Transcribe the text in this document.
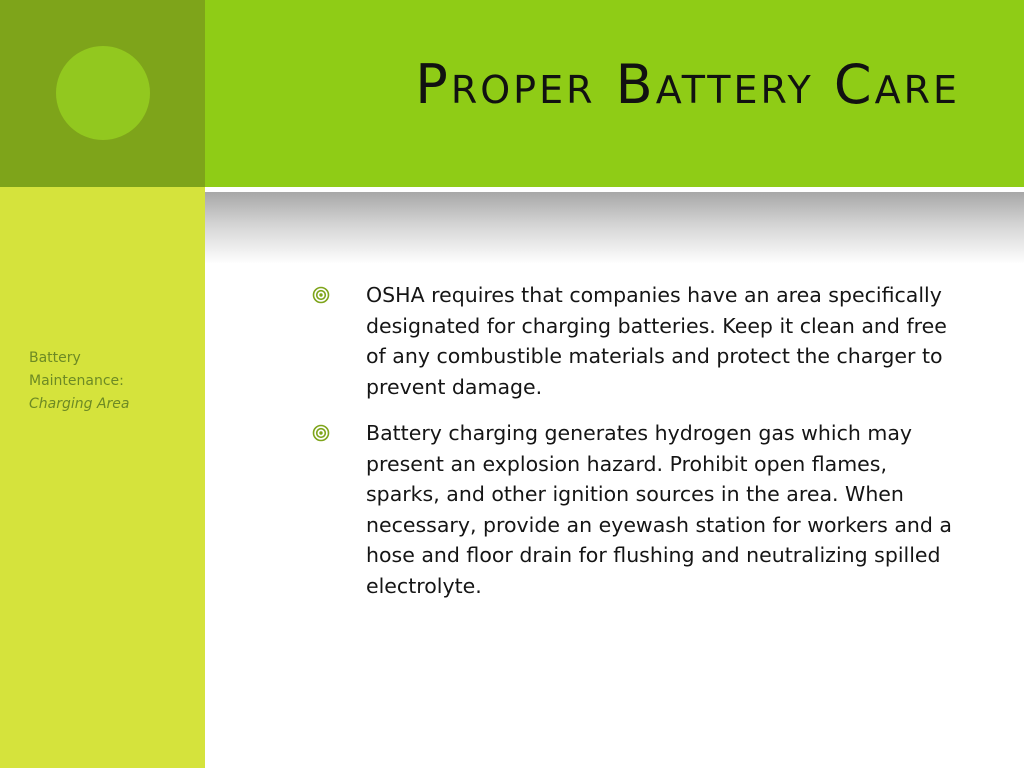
Proper Battery Care
Battery
Maintenance:
Charging Area
OSHA requires that companies have an area specifically designated for charging batteries. Keep it clean and free of any combustible materials and protect the charger to prevent damage.
Battery charging generates hydrogen gas which may present an explosion hazard. Prohibit open flames, sparks, and other ignition sources in the area. When necessary, provide an eyewash station for workers and a hose and floor drain for flushing and neutralizing spilled electrolyte.
